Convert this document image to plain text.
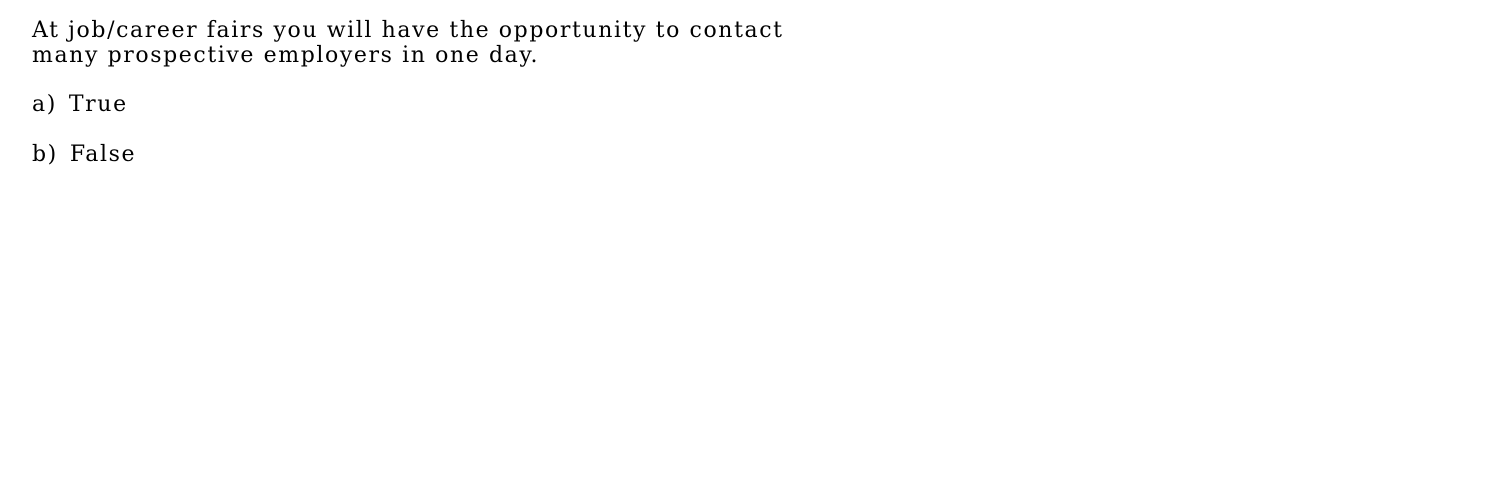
At job/career fairs you will have the opportunity to contact
many prospective employers in one day.
a) True
b) False
